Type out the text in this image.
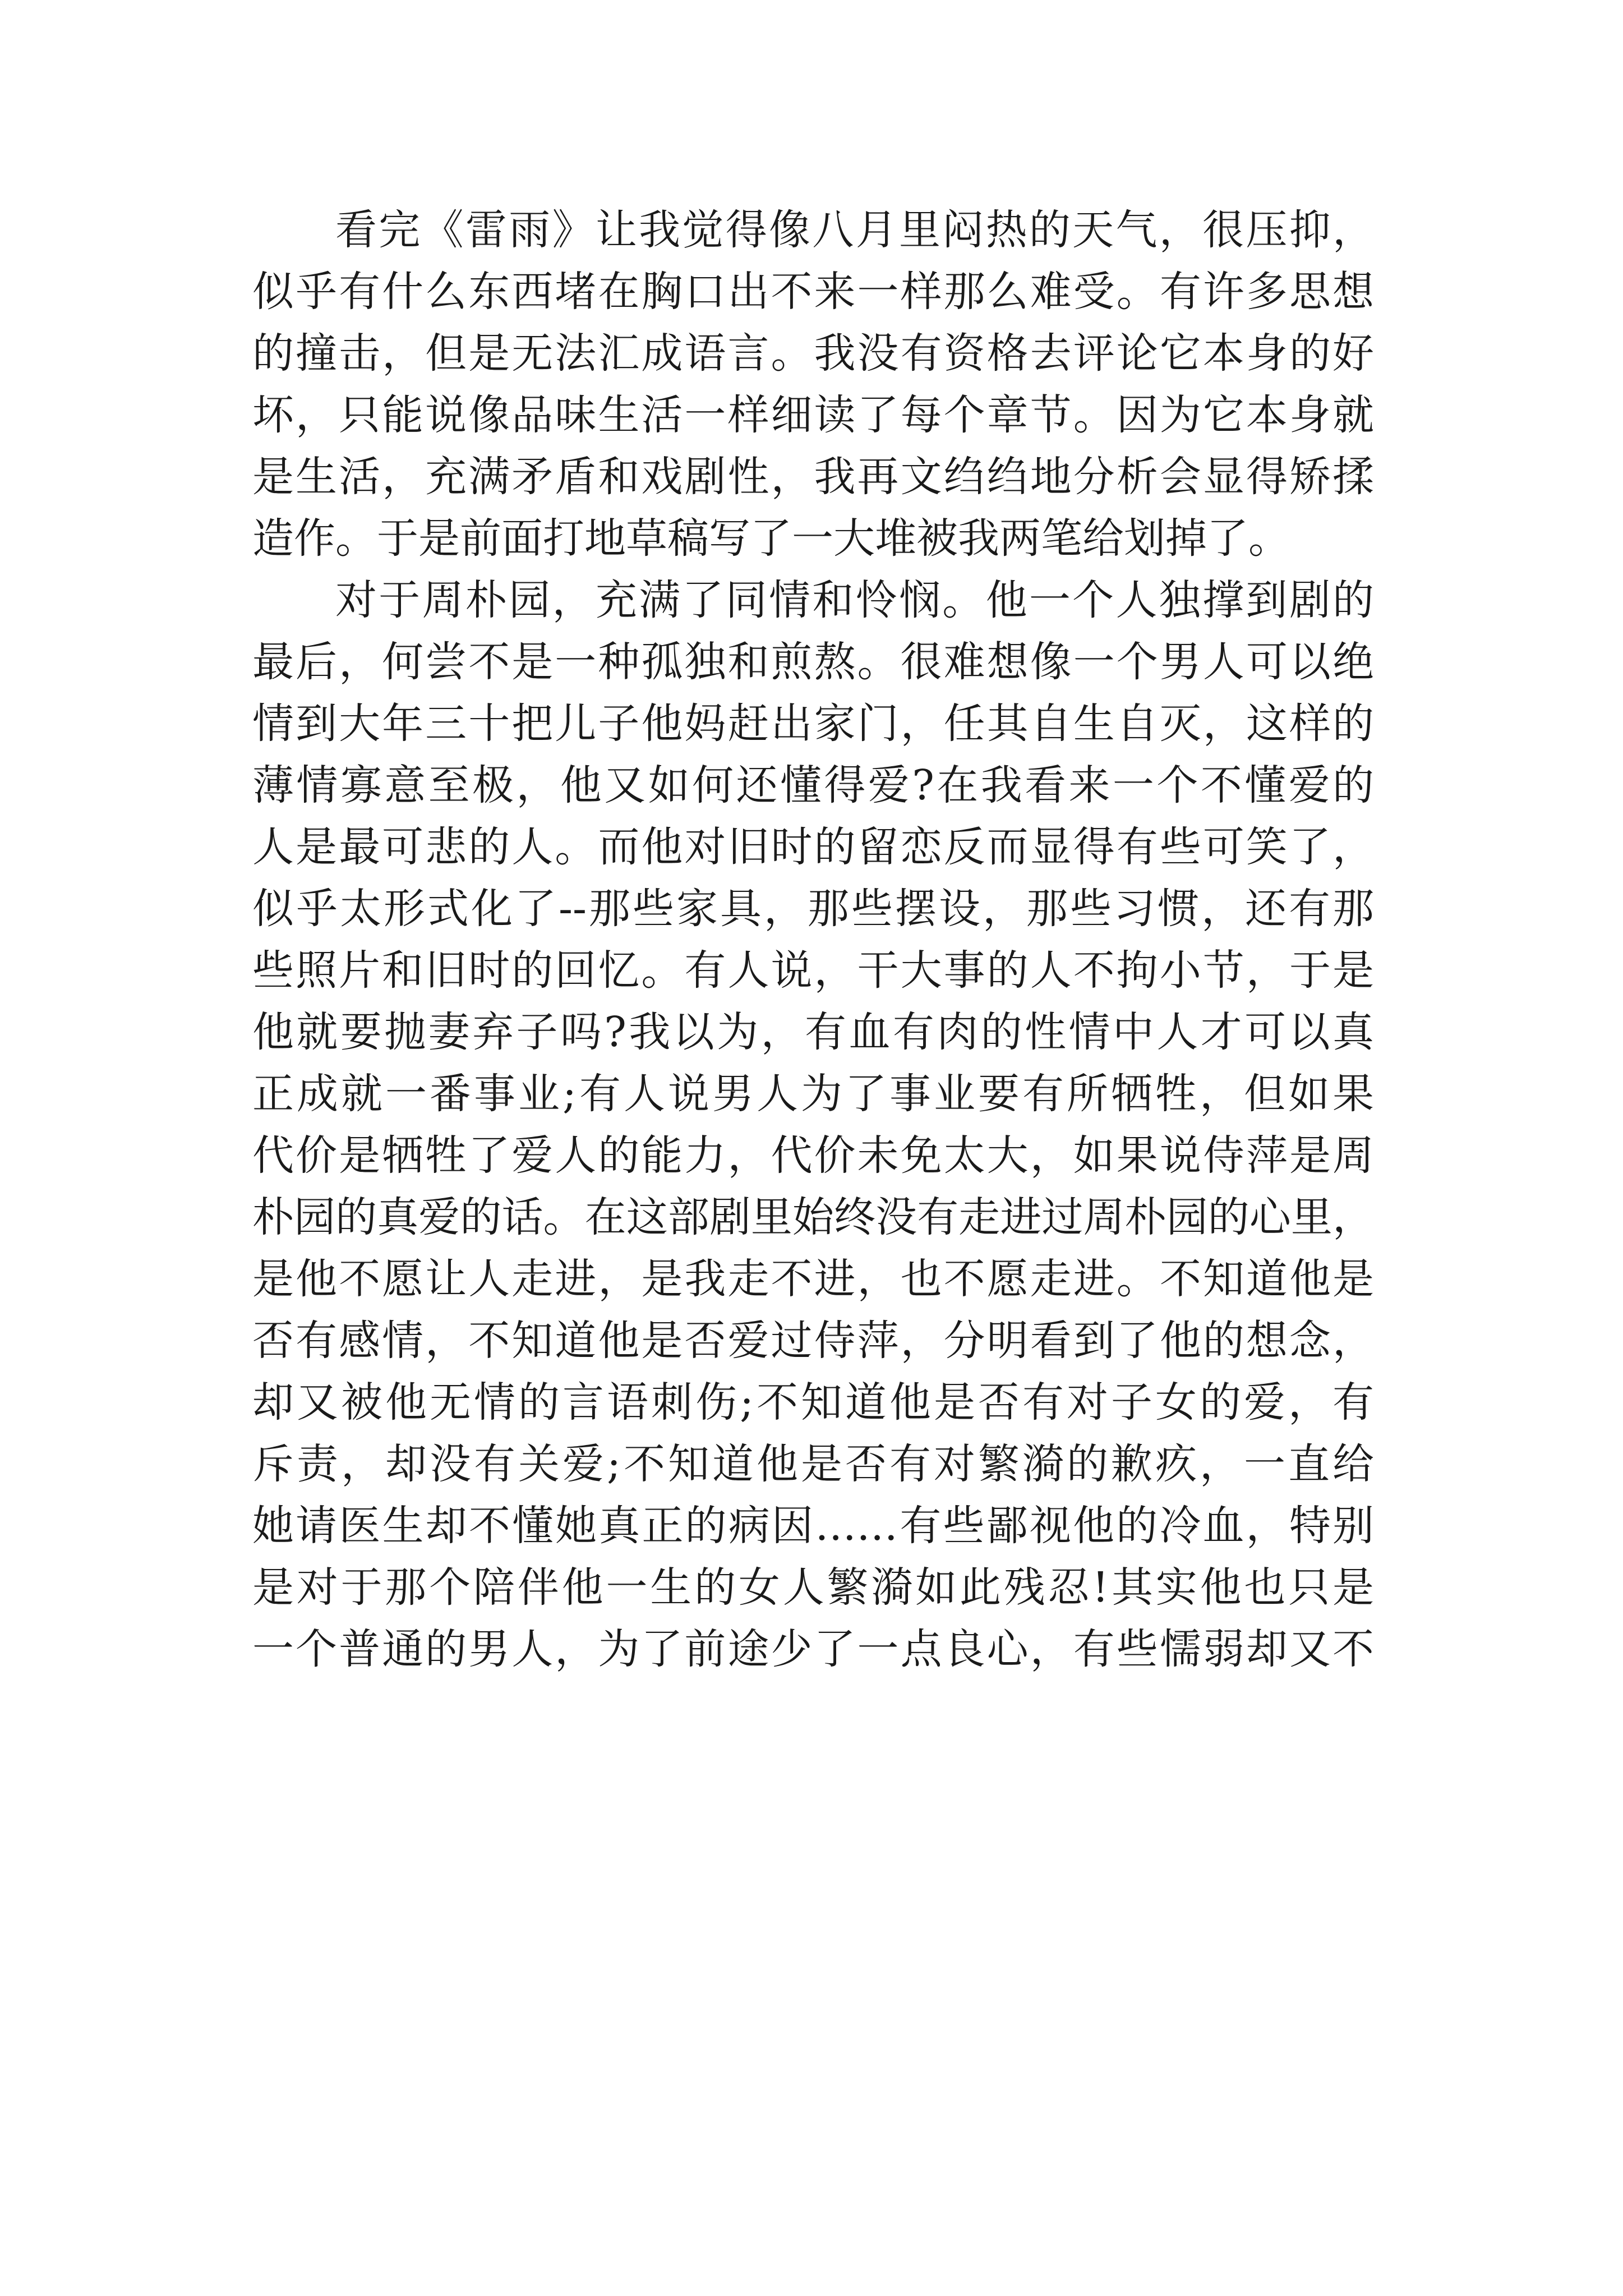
看完《雷雨》让我觉得像八月里闷热的天气，很压抑，
似乎有什么东西堵在胸口出不来一样那么难受。有许多思想
的撞击，但是无法汇成语言。我没有资格去评论它本身的好
坏，只能说像品味生活一样细读了每个章节。因为它本身就
是生活，充满矛盾和戏剧性，我再文绉绉地分析会显得矫揉
造作。于是前面打地草稿写了一大堆被我两笔给划掉了。
对于周朴园，充满了同情和怜悯。他一个人独撑到剧的
最后，何尝不是一种孤独和煎熬。很难想像一个男人可以绝
情到大年三十把儿子他妈赶出家门，任其自生自灭，这样的
薄情寡意至极，他又如何还懂得爱?在我看来一个不懂爱的
人是最可悲的人。而他对旧时的留恋反而显得有些可笑了，
似乎太形式化了--那些家具，那些摆设，那些习惯，还有那
些照片和旧时的回忆。有人说，干大事的人不拘小节，于是
他就要抛妻弃子吗?我以为，有血有肉的性情中人才可以真
正成就一番事业;有人说男人为了事业要有所牺牲，但如果
代价是牺牲了爱人的能力，代价未免太大，如果说侍萍是周
朴园的真爱的话。在这部剧里始终没有走进过周朴园的心里，
是他不愿让人走进，是我走不进，也不愿走进。不知道他是
否有感情，不知道他是否爱过侍萍，分明看到了他的想念，
却又被他无情的言语刺伤;不知道他是否有对子女的爱，有
斥责，却没有关爱;不知道他是否有对繁漪的歉疚，一直给
她请医生却不懂她真正的病因……有些鄙视他的冷血，特别
是对于那个陪伴他一生的女人繁漪如此残忍!其实他也只是
一个普通的男人，为了前途少了一点良心，有些懦弱却又不
